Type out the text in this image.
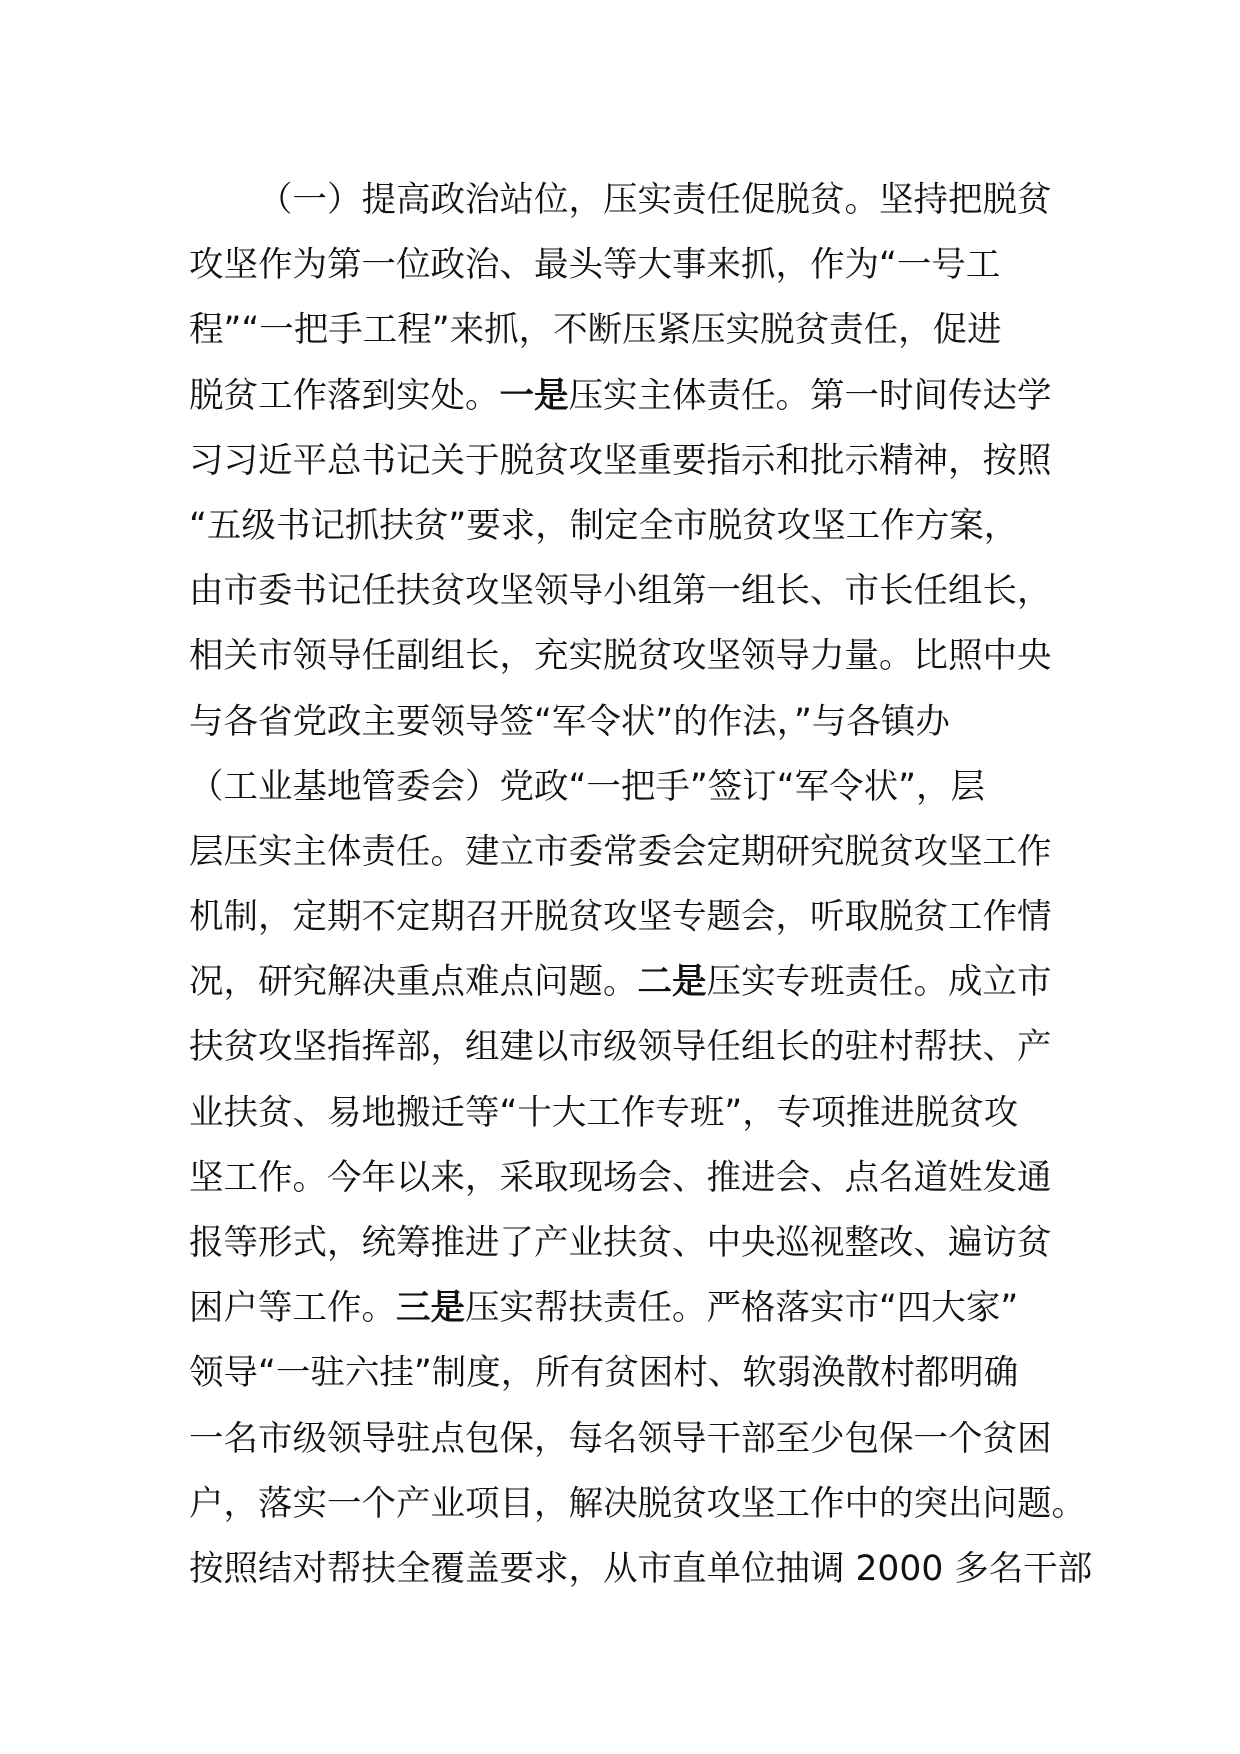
（一）提高政治站位，压实责任促脱贫。坚持把脱贫
攻坚作为第一位政治、最头等大事来抓，作为“一号工
程”“一把手工程”来抓，不断压紧压实脱贫责任，促进
脱贫工作落到实处。一是压实主体责任。第一时间传达学
习习近平总书记关于脱贫攻坚重要指示和批示精神，按照
“五级书记抓扶贫”要求，制定全市脱贫攻坚工作方案，
由市委书记任扶贫攻坚领导小组第一组长、市长任组长，
相关市领导任副组长，充实脱贫攻坚领导力量。比照中央
与各省党政主要领导签“军令状”的作法，”与各镇办
（工业基地管委会）党政“一把手”签订“军令状”，层
层压实主体责任。建立市委常委会定期研究脱贫攻坚工作
机制，定期不定期召开脱贫攻坚专题会，听取脱贫工作情
况，研究解决重点难点问题。二是压实专班责任。成立市
扶贫攻坚指挥部，组建以市级领导任组长的驻村帮扶、产
业扶贫、易地搬迁等“十大工作专班”，专项推进脱贫攻
坚工作。今年以来，采取现场会、推进会、点名道姓发通
报等形式，统筹推进了产业扶贫、中央巡视整改、遍访贫
困户等工作。三是压实帮扶责任。严格落实市“四大家”
领导“一驻六挂”制度，所有贫困村、软弱涣散村都明确
一名市级领导驻点包保，每名领导干部至少包保一个贫困
户，落实一个产业项目，解决脱贫攻坚工作中的突出问题。
按照结对帮扶全覆盖要求，从市直单位抽调 2000 多名干部
